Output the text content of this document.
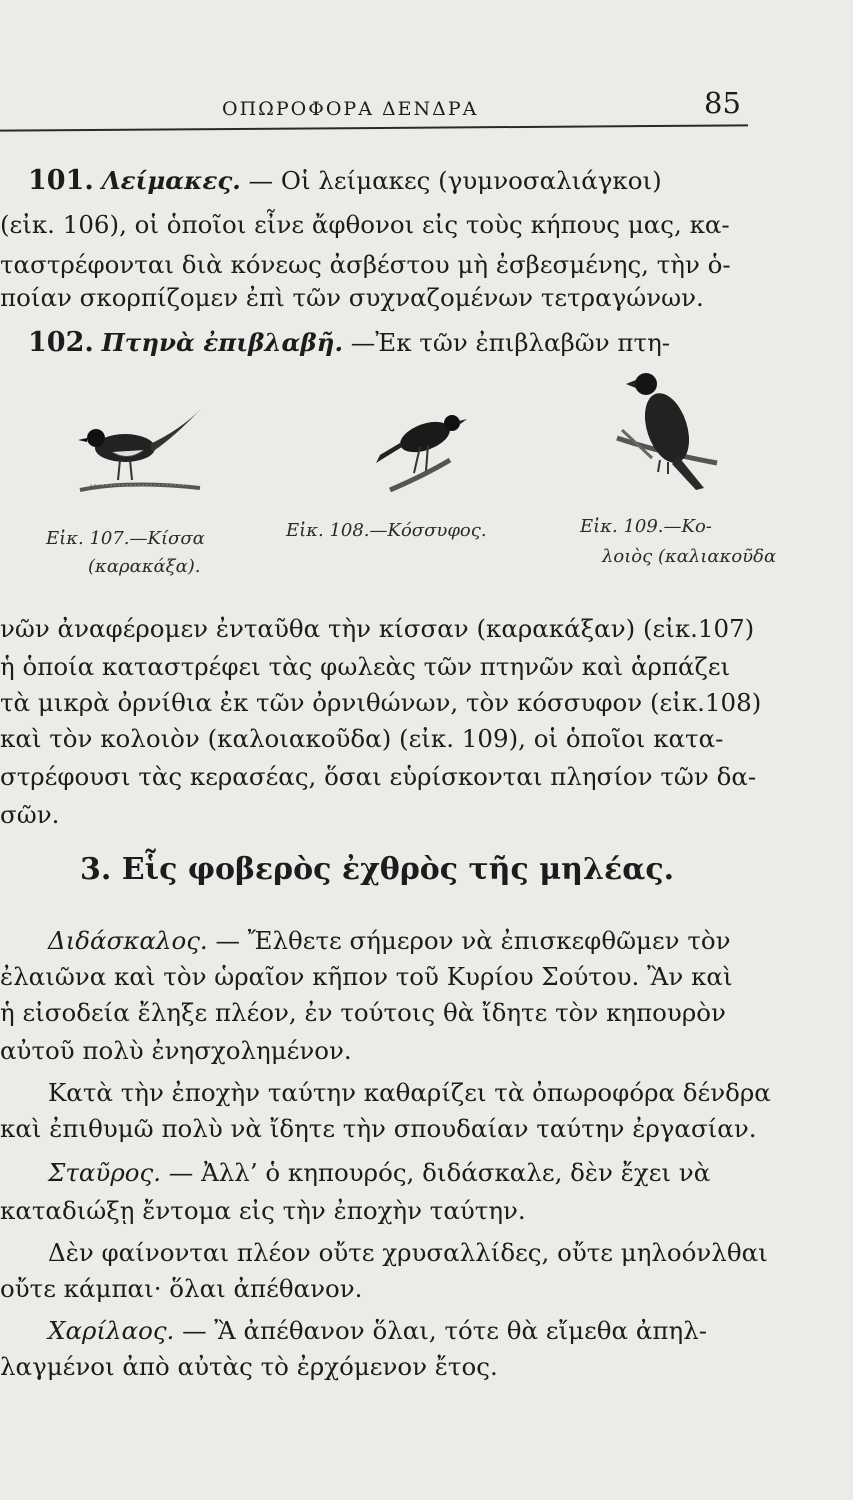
ΟΠΩΡΟΦΟΡΑ ΔΕΝΔΡΑ	85
101. Λείμακες. — Οἱ λείμακες (γυμνοσαλιάγκοι)
(εἰκ. 106), οἱ ὁποῖοι εἶνε ἄφθονοι εἰς τοὺς κήπους μας, κα-
ταστρέφονται διὰ κόνεως ἀσβέστου μὴ ἐσβεσμένης, τὴν ὁ-
ποίαν σκορπίζομεν ἐπὶ τῶν συχναζομένων τετραγώνων.
102. Πτηνὰ ἐπιβλαβῆ. —Ἐκ τῶν ἐπιβλαβῶν πτη-
Εἰκ. 107.—Κίσσα
(καρακάξα).
Εἰκ. 108.—Κόσσυφος.	Εἰκ. 109.—Κο-
λοιὸς (καλιακοῦδα
νῶν ἀναφέρομεν ἐνταῦθα τὴν κίσσαν (καρακάξαν) (εἰκ.107)
ἡ ὁποία καταστρέφει τὰς φωλεὰς τῶν πτηνῶν καὶ ἁρπάζει
τὰ μικρὰ ὀρνίθια ἐκ τῶν ὀρνιθώνων, τὸν κόσσυφον (εἰκ.108)
καὶ τὸν κολοιὸν (καλοιακοῦδα) (εἰκ. 109), οἱ ὁποῖοι κατα-
στρέφουσι τὰς κερασέας, ὅσαι εὑρίσκονται πλησίον τῶν δα-
σῶν.
3. Εἷς φοβερὸς ἐχθρὸς τῆς μηλέας.
Διδάσκαλος. — Ἔλθετε σήμερον νὰ ἐπισκεφθῶμεν τὸν
ἐλαιῶνα καὶ τὸν ὡραῖον κῆπον τοῦ Κυρίου Σούτου. Ἂν καὶ
ἡ εἰσοδεία ἔληξε πλέον, ἐν τούτοις θὰ ἴδητε τὸν κηπουρὸν
αὐτοῦ πολὺ ἐνησχολημένον.
Κατὰ τὴν ἐποχὴν ταύτην καθαρίζει τὰ ὀπωροφόρα δένδρα
καὶ ἐπιθυμῶ πολὺ νὰ ἴδητε τὴν σπουδαίαν ταύτην ἐργασίαν.
Σταῦρος. — Ἀλλ’ ὁ κηπουρός, διδάσκαλε, δὲν ἔχει νὰ
καταδιώξῃ ἔντομα εἰς τὴν ἐποχὴν ταύτην.
Δὲν φαίνονται πλέον οὔτε χρυσαλλίδες, οὔτε μηλοόνλθαι
οὔτε κάμπαι· ὅλαι ἀπέθανον.
Χαρίλαος. — Ἂ ἀπέθανον ὅλαι, τότε θὰ εἴμεθα ἀπηλ-
λαγμένοι ἀπὸ αὐτὰς τὸ ἐρχόμενον ἔτος.
